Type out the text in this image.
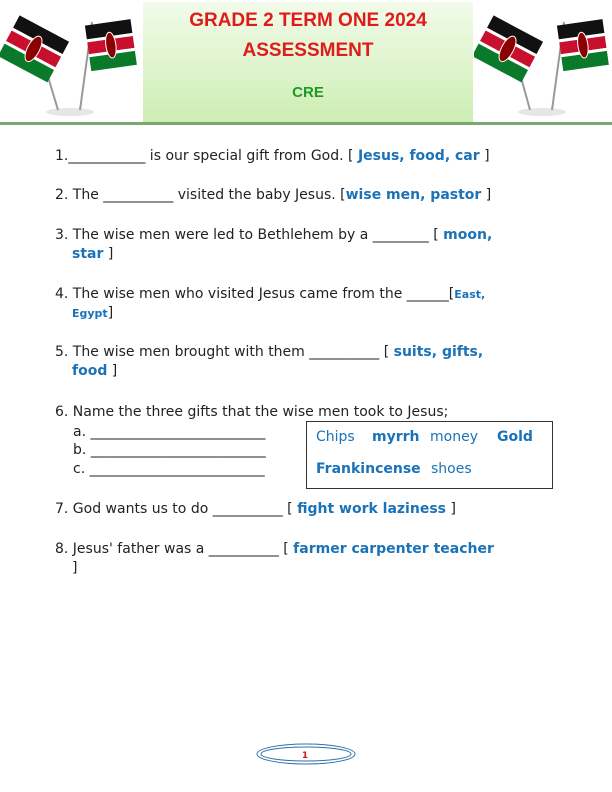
GRADE 2 TERM ONE 2024
ASSESSMENT
CRE
1.___________ is our special gift from God. [ Jesus, food, car ]
2. The __________ visited the baby Jesus. [wise men, pastor ]
3. The wise men were led to Bethlehem by a ________ [ moon,
star ]
4. The wise men who visited Jesus came from the ______[East,
Egypt]
5. The wise men brought with them __________ [ suits, gifts,
food ]
6. Name the three gifts that the wise men took to Jesus;
a. _________________________
b. _________________________
c. _________________________
Chips myrrh money Gold
Frankincense shoes
7. God wants us to do __________ [ fight work laziness ]
8. Jesus' father was a __________ [ farmer carpenter teacher
]
1
